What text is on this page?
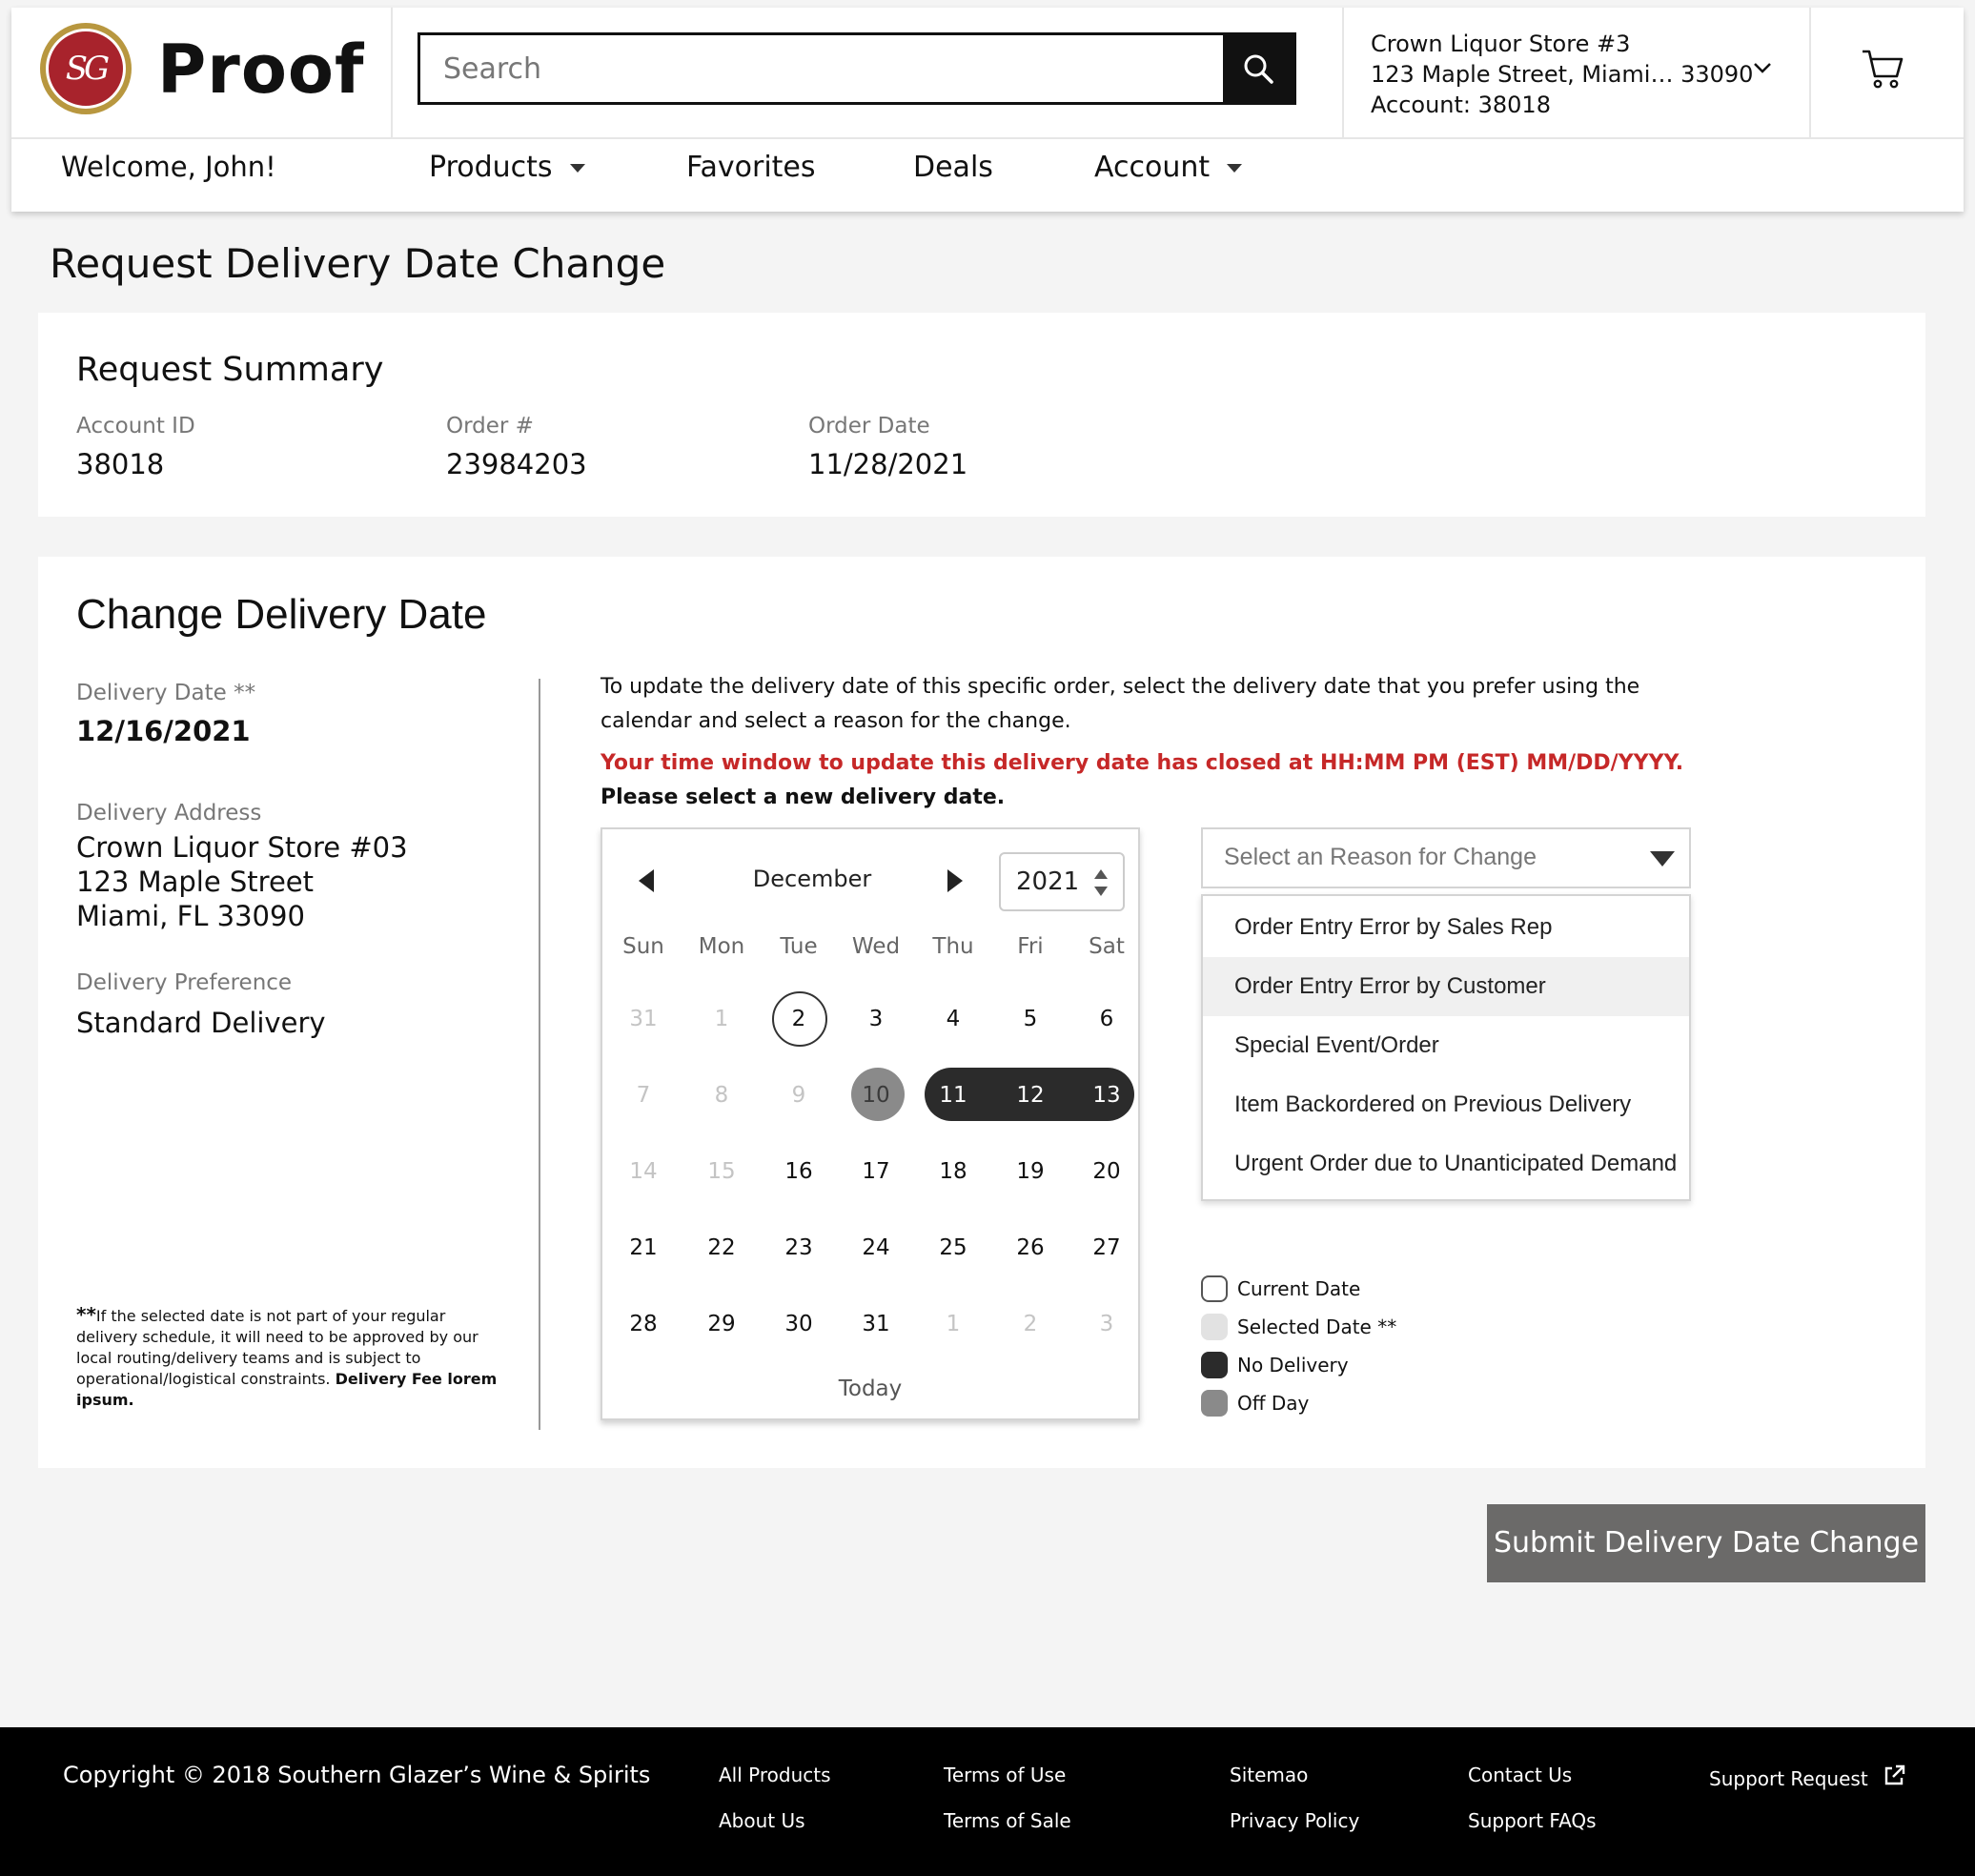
SG Proof
Search	Crown Liquor Store #3
123 Maple Street, Miami… 33090
Account: 38018
Welcome, John!	Products	Favorites	Deals	Account
Request Delivery Date Change
Request Summary
Account ID
38018
Order #
23984203
Order Date
11/28/2021
Change Delivery Date
Delivery Date **
12/16/2021
Delivery Address
Crown Liquor Store #03
123 Maple Street
Miami, FL 33090
Delivery Preference
Standard Delivery
**If the selected date is not part of your regular delivery schedule, it will need to be approved by our local routing/delivery teams and is subject to operational/logistical constraints. Delivery Fee lorem ipsum.
To update the delivery date of this specific order, select the delivery date that you prefer using the
calendar and select a reason for the change.
Your time window to update this delivery date has closed at HH:MM PM (EST) MM/DD/YYYY.
Please select a new delivery date.
December	2021
Sun	Mon	Tue	Wed	Thu	Fri	Sat
31	1	2	3	4	5	6
7	8	9	10	11	12	13
14	15	16	17	18	19	20
21	22	23	24	25	26	27
28	29	30	31	1	2	3
Today
Select an Reason for Change
Order Entry Error by Sales Rep
Order Entry Error by Customer
Special Event/Order
Item Backordered on Previous Delivery
Urgent Order due to Unanticipated Demand
Current Date
Selected Date **
No Delivery
Off Day
Submit Delivery Date Change
Copyright © 2018 Southern Glazer’s Wine & Spirits	All Products
About Us
Terms of Use
Terms of Sale
Sitemao
Privacy Policy
Contact Us
Support FAQs
Support Request
